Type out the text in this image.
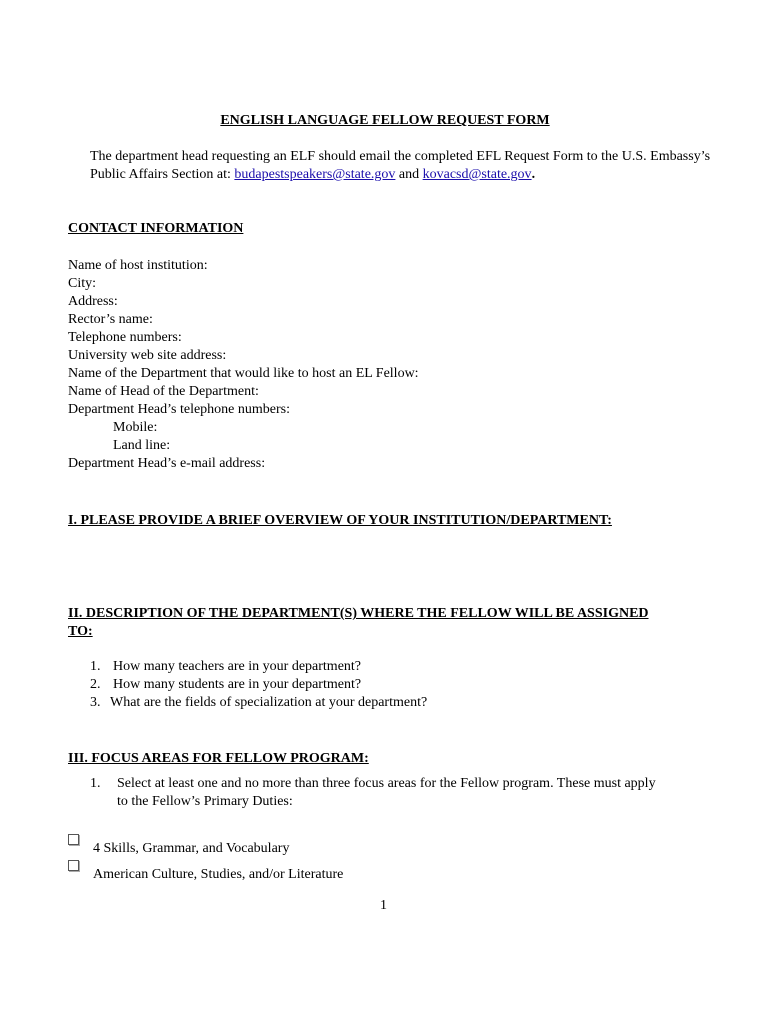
ENGLISH LANGUAGE FELLOW REQUEST FORM
The department head requesting an ELF should email the completed EFL Request Form to the U.S. Embassy’s Public Affairs Section at: budapestspeakers@state.gov and kovacsd@state.gov.
CONTACT INFORMATION
Name of host institution:
City:
Address:
Rector’s name:
Telephone numbers:
University web site address:
Name of the Department that would like to host an EL Fellow:
Name of Head of the Department:
Department Head’s telephone numbers:
Mobile:
Land line:
Department Head’s e-mail address:
I. PLEASE PROVIDE A BRIEF OVERVIEW OF YOUR INSTITUTION/DEPARTMENT:
II. DESCRIPTION OF THE DEPARTMENT(S) WHERE THE FELLOW WILL BE ASSIGNED
TO:
1. How many teachers are in your department?
2. How many students are in your department?
3. What are the fields of specialization at your department?
III. FOCUS AREAS FOR FELLOW PROGRAM:
1. Select at least one and no more than three focus areas for the Fellow program. These must apply
to the Fellow’s Primary Duties:
4 Skills, Grammar, and Vocabulary
American Culture, Studies, and/or Literature
1
